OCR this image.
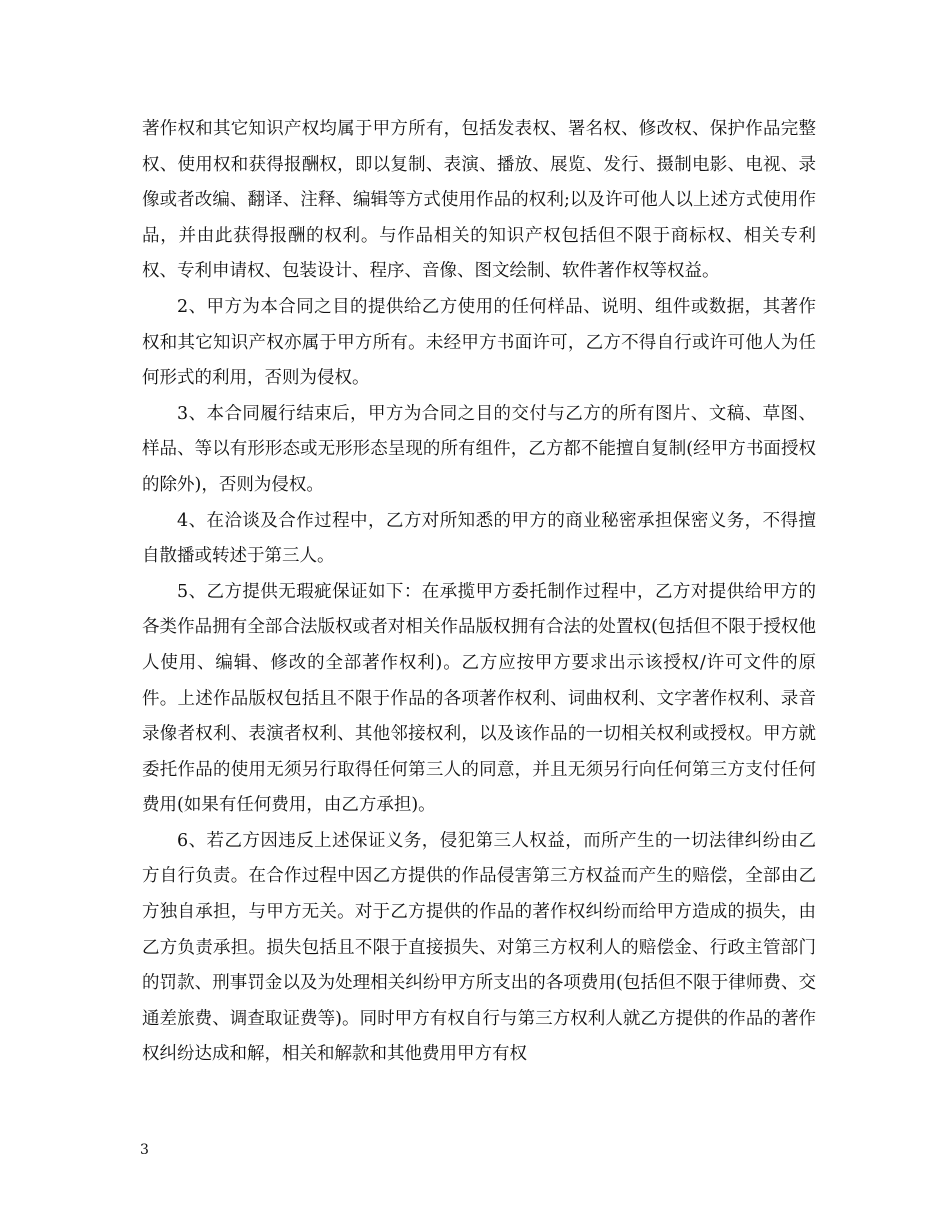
著作权和其它知识产权均属于甲方所有，包括发表权、署名权、修改权、保护作品完整权、使用权和获得报酬权，即以复制、表演、播放、展览、发行、摄制电影、电视、录像或者改编、翻译、注释、编辑等方式使用作品的权利;以及许可他人以上述方式使用作品，并由此获得报酬的权利。与作品相关的知识产权包括但不限于商标权、相关专利权、专利申请权、包装设计、程序、音像、图文绘制、软件著作权等权益。

2、甲方为本合同之目的提供给乙方使用的任何样品、说明、组件或数据，其著作权和其它知识产权亦属于甲方所有。未经甲方书面许可，乙方不得自行或许可他人为任何形式的利用，否则为侵权。

3、本合同履行结束后，甲方为合同之目的交付与乙方的所有图片、文稿、草图、样品、等以有形形态或无形形态呈现的所有组件，乙方都不能擅自复制(经甲方书面授权的除外)，否则为侵权。

4、在洽谈及合作过程中，乙方对所知悉的甲方的商业秘密承担保密义务，不得擅自散播或转述于第三人。

5、乙方提供无瑕疵保证如下：在承揽甲方委托制作过程中，乙方对提供给甲方的各类作品拥有全部合法版权或者对相关作品版权拥有合法的处置权(包括但不限于授权他人使用、编辑、修改的全部著作权利)。乙方应按甲方要求出示该授权/许可文件的原件。上述作品版权包括且不限于作品的各项著作权利、词曲权利、文字著作权利、录音录像者权利、表演者权利、其他邻接权利，以及该作品的一切相关权利或授权。甲方就委托作品的使用无须另行取得任何第三人的同意，并且无须另行向任何第三方支付任何费用(如果有任何费用，由乙方承担)。

6、若乙方因违反上述保证义务，侵犯第三人权益，而所产生的一切法律纠纷由乙方自行负责。在合作过程中因乙方提供的作品侵害第三方权益而产生的赔偿，全部由乙方独自承担，与甲方无关。对于乙方提供的作品的著作权纠纷而给甲方造成的损失，由乙方负责承担。损失包括且不限于直接损失、对第三方权利人的赔偿金、行政主管部门的罚款、刑事罚金以及为处理相关纠纷甲方所支出的各项费用(包括但不限于律师费、交通差旅费、调查取证费等)。同时甲方有权自行与第三方权利人就乙方提供的作品的著作权纠纷达成和解，相关和解款和其他费用甲方有权

3
